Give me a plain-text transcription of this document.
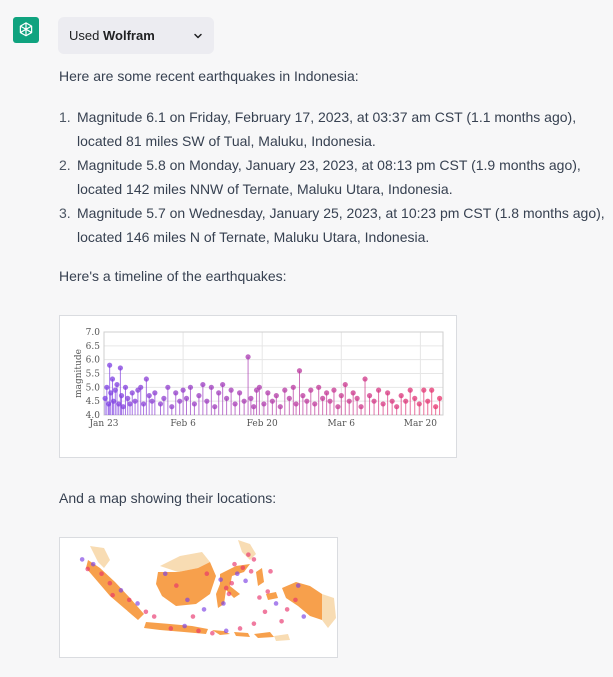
Used Wolfram
Here are some recent earthquakes in Indonesia:
1. Magnitude 6.1 on Friday, February 17, 2023, at 03:37 am CST (1.1 months ago), located 81 miles SW of Tual, Maluku, Indonesia.
2. Magnitude 5.8 on Monday, January 23, 2023, at 08:13 pm CST (1.9 months ago), located 142 miles NNW of Ternate, Maluku Utara, Indonesia.
3. Magnitude 5.7 on Wednesday, January 25, 2023, at 10:23 pm CST (1.8 months ago), located 146 miles N of Ternate, Maluku Utara, Indonesia.
Here's a timeline of the earthquakes:
7.0
6.5
6.0
5.5
5.0
4.5
4.0
Jan 23	Feb 6	Feb 20	Mar 6	Mar 20
magnitude
And a map showing their locations:
